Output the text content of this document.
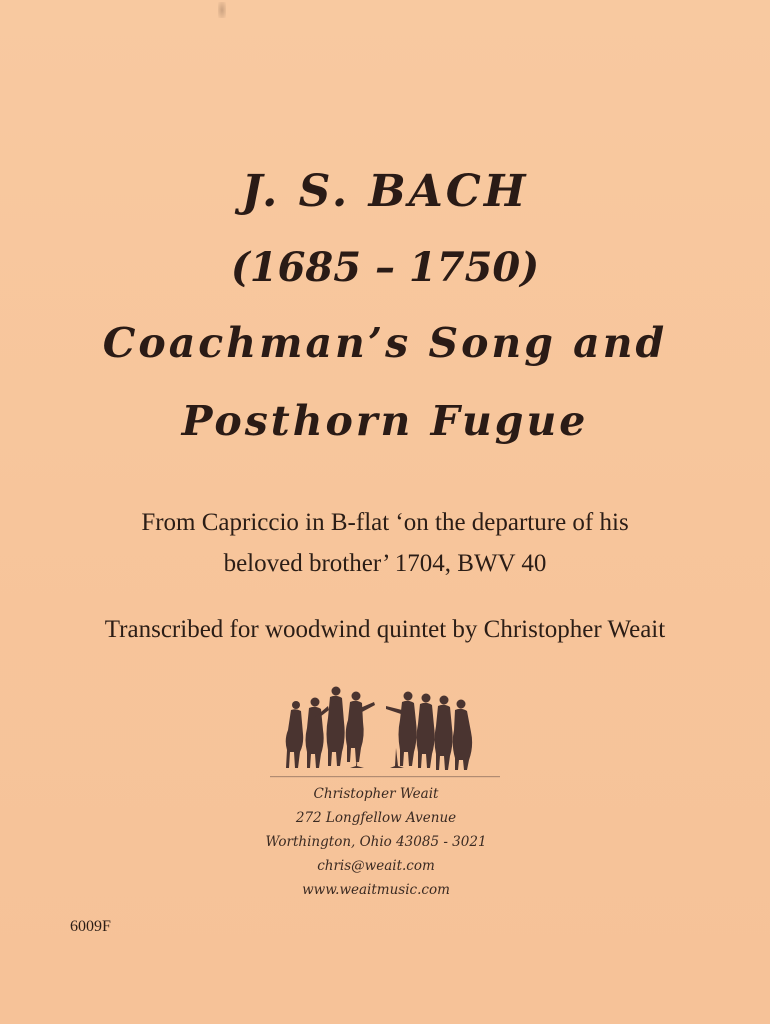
J. S. BACH
(1685 – 1750)
Coachman’s Song and
Posthorn Fugue
From Capriccio in B-flat ‘on the departure of his
beloved brother’ 1704, BWV 40
Transcribed for woodwind quintet by Christopher Weait
Christopher Weait
272 Longfellow Avenue
Worthington, Ohio 43085 - 3021
chris@weait.com
www.weaitmusic.com
6009F
